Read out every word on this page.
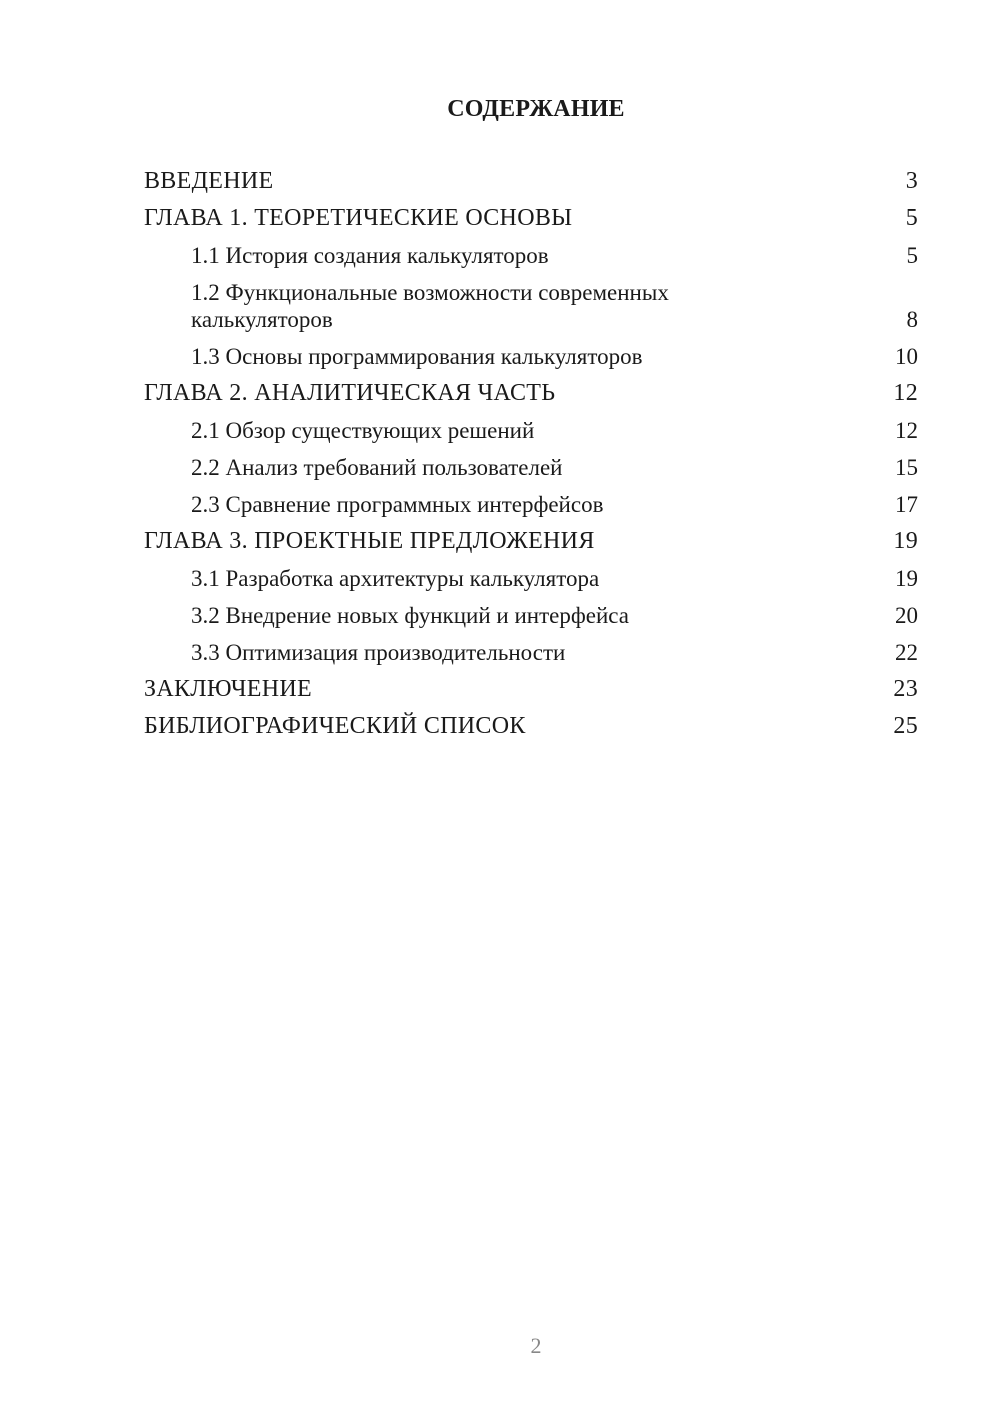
СОДЕРЖАНИЕ
ВВЕДЕНИЕ	3
ГЛАВА 1. ТЕОРЕТИЧЕСКИЕ ОСНОВЫ	5
1.1 История создания калькуляторов	5
1.2 Функциональные возможности современных калькуляторов	8
1.3 Основы программирования калькуляторов	10
ГЛАВА 2. АНАЛИТИЧЕСКАЯ ЧАСТЬ	12
2.1 Обзор существующих решений	12
2.2 Анализ требований пользователей	15
2.3 Сравнение программных интерфейсов	17
ГЛАВА 3. ПРОЕКТНЫЕ ПРЕДЛОЖЕНИЯ	19
3.1 Разработка архитектуры калькулятора	19
3.2 Внедрение новых функций и интерфейса	20
3.3 Оптимизация производительности	22
ЗАКЛЮЧЕНИЕ	23
БИБЛИОГРАФИЧЕСКИЙ СПИСОК	25
2
